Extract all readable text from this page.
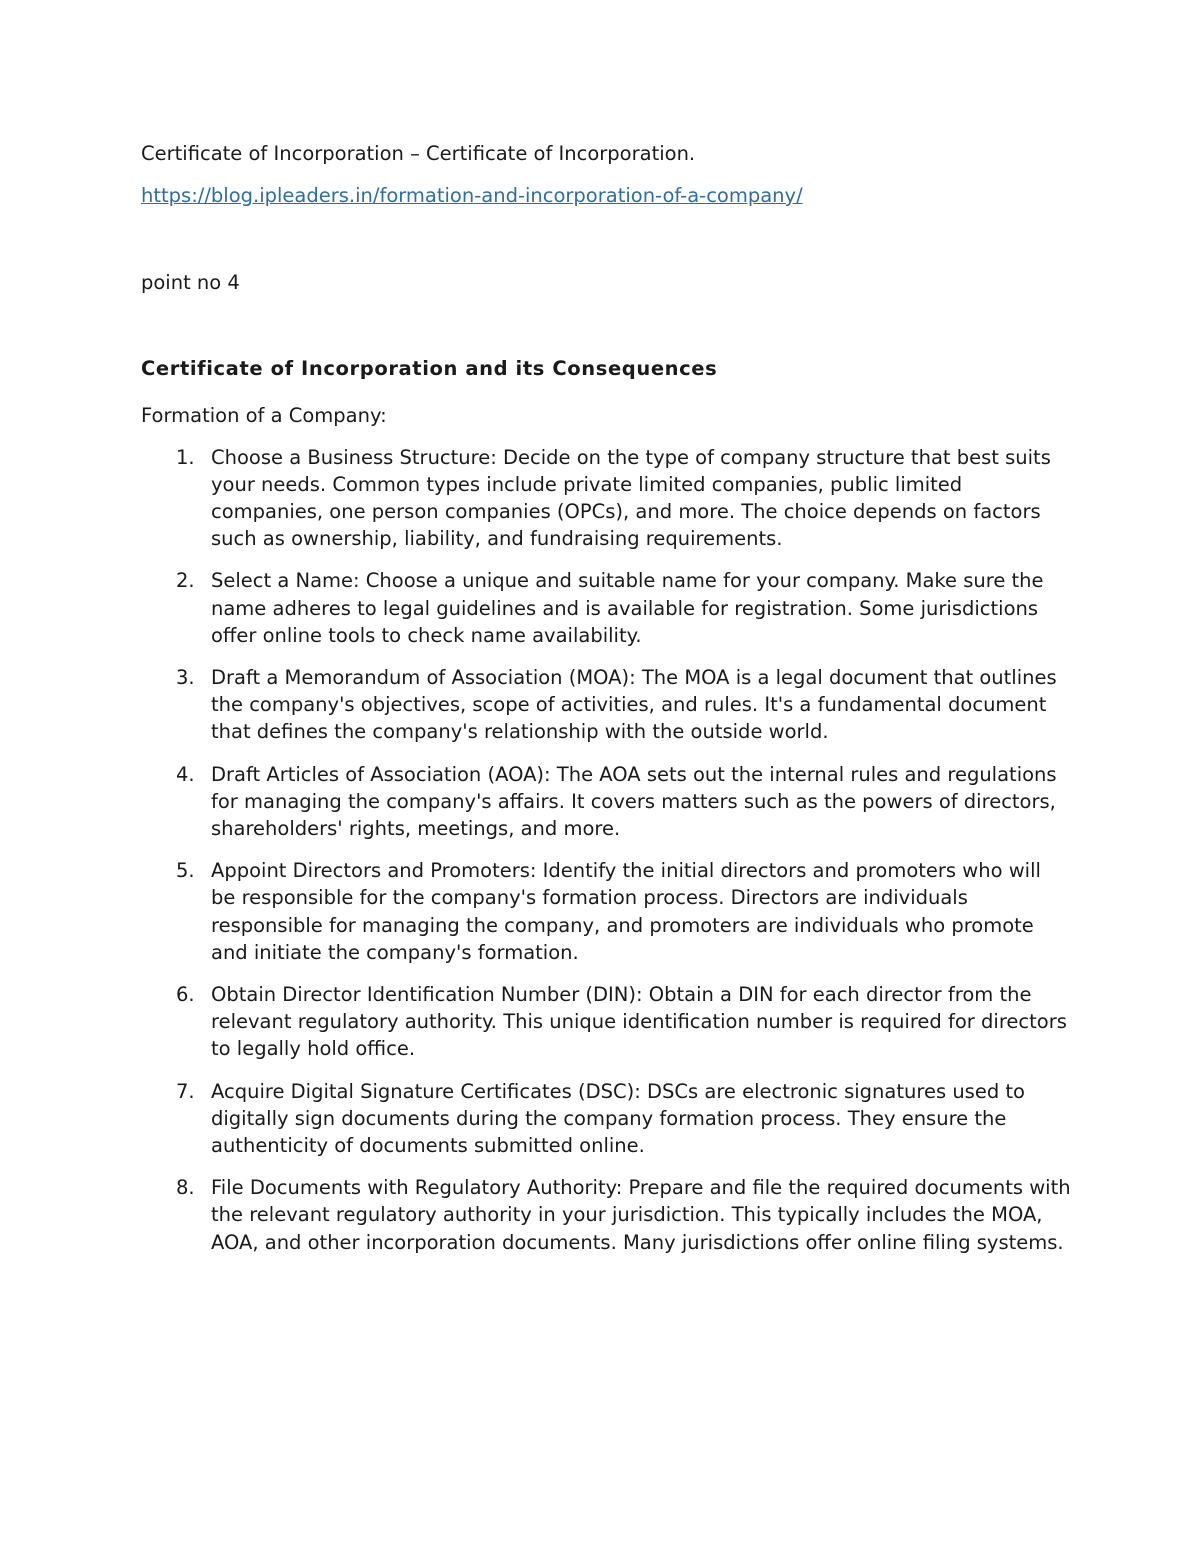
Certificate of Incorporation – Certificate of Incorporation.

https://blog.ipleaders.in/formation-and-incorporation-of-a-company/

point no 4

Certificate of Incorporation and its Consequences

Formation of a Company:

1. Choose a Business Structure: Decide on the type of company structure that best suits your needs. Common types include private limited companies, public limited companies, one person companies (OPCs), and more. The choice depends on factors such as ownership, liability, and fundraising requirements.
2. Select a Name: Choose a unique and suitable name for your company. Make sure the name adheres to legal guidelines and is available for registration. Some jurisdictions offer online tools to check name availability.
3. Draft a Memorandum of Association (MOA): The MOA is a legal document that outlines the company's objectives, scope of activities, and rules. It's a fundamental document that defines the company's relationship with the outside world.
4. Draft Articles of Association (AOA): The AOA sets out the internal rules and regulations for managing the company's affairs. It covers matters such as the powers of directors, shareholders' rights, meetings, and more.
5. Appoint Directors and Promoters: Identify the initial directors and promoters who will be responsible for the company's formation process. Directors are individuals responsible for managing the company, and promoters are individuals who promote and initiate the company's formation.
6. Obtain Director Identification Number (DIN): Obtain a DIN for each director from the relevant regulatory authority. This unique identification number is required for directors to legally hold office.
7. Acquire Digital Signature Certificates (DSC): DSCs are electronic signatures used to digitally sign documents during the company formation process. They ensure the authenticity of documents submitted online.
8. File Documents with Regulatory Authority: Prepare and file the required documents with the relevant regulatory authority in your jurisdiction. This typically includes the MOA, AOA, and other incorporation documents. Many jurisdictions offer online filing systems.
